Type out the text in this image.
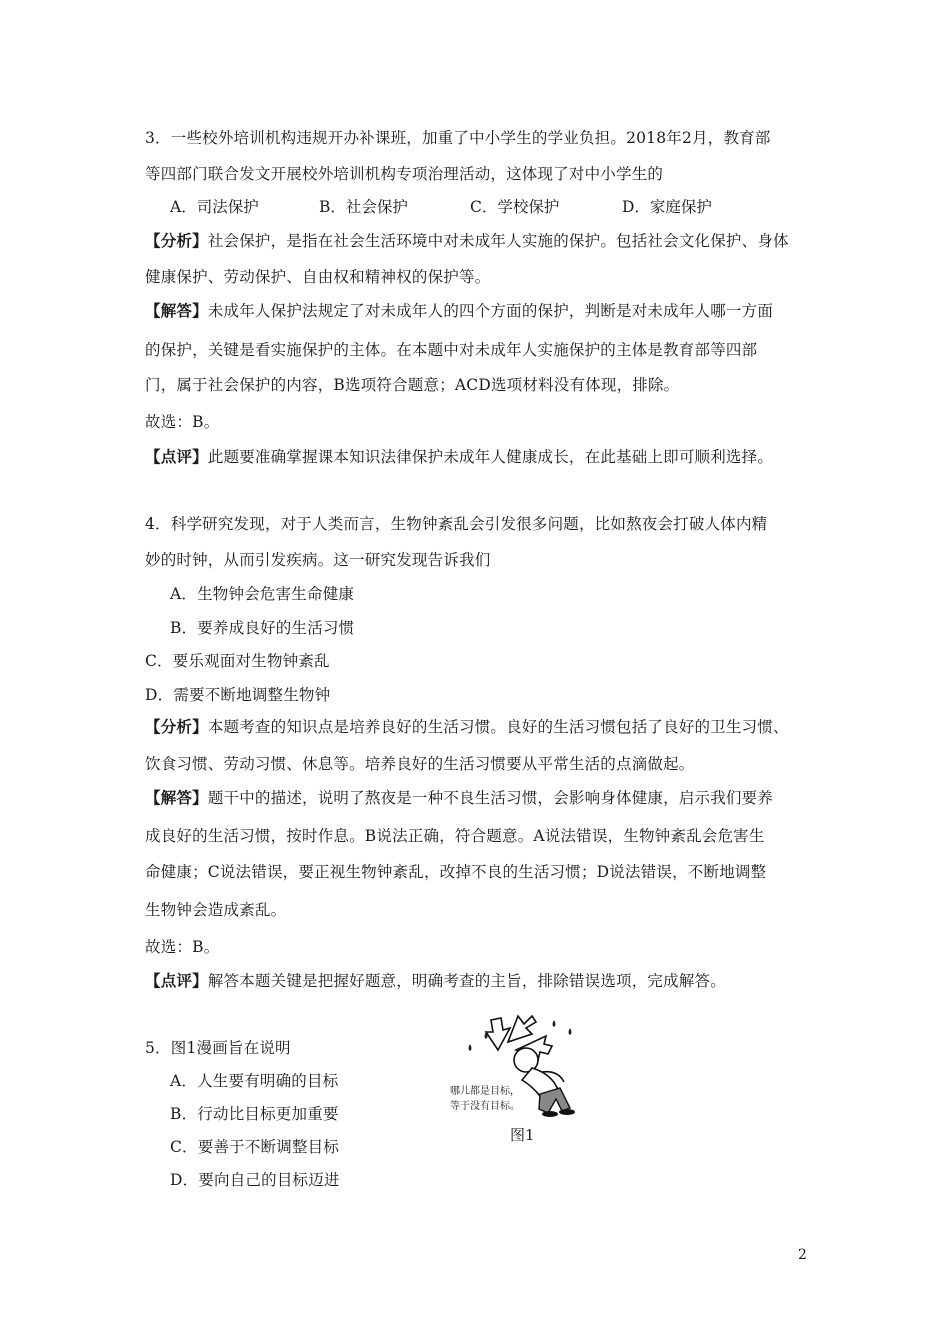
3．一些校外培训机构违规开办补课班，加重了中小学生的学业负担。2018年2月，教育部
等四部门联合发文开展校外培训机构专项治理活动，这体现了对中小学生的
A．司法保护	B．社会保护	C．学校保护	D．家庭保护
【分析】社会保护，是指在社会生活环境中对未成年人实施的保护。包括社会文化保护、身体
健康保护、劳动保护、自由权和精神权的保护等。
【解答】未成年人保护法规定了对未成年人的四个方面的保护，判断是对未成年人哪一方面
的保护，关键是看实施保护的主体。在本题中对未成年人实施保护的主体是教育部等四部
门，属于社会保护的内容，B选项符合题意；ACD选项材料没有体现，排除。
故选：B。
【点评】此题要准确掌握课本知识法律保护未成年人健康成长，在此基础上即可顺利选择。
4．科学研究发现，对于人类而言，生物钟紊乱会引发很多问题，比如熬夜会打破人体内精
妙的时钟，从而引发疾病。这一研究发现告诉我们
A．生物钟会危害生命健康
B．要养成良好的生活习惯
C．要乐观面对生物钟紊乱
D．需要不断地调整生物钟
【分析】本题考查的知识点是培养良好的生活习惯。良好的生活习惯包括了良好的卫生习惯、
饮食习惯、劳动习惯、休息等。培养良好的生活习惯要从平常生活的点滴做起。
【解答】题干中的描述，说明了熬夜是一种不良生活习惯，会影响身体健康，启示我们要养
成良好的生活习惯，按时作息。B说法正确，符合题意。A说法错误，生物钟紊乱会危害生
命健康；C说法错误，要正视生物钟紊乱，改掉不良的生活习惯；D说法错误，不断地调整
生物钟会造成紊乱。
故选：B。
【点评】解答本题关键是把握好题意，明确考查的主旨，排除错误选项，完成解答。
5．图1漫画旨在说明
A．人生要有明确的目标
B．行动比目标更加重要
C．要善于不断调整目标
D．要向自己的目标迈进
哪儿都是目标，
等于没有目标。
图1
2
